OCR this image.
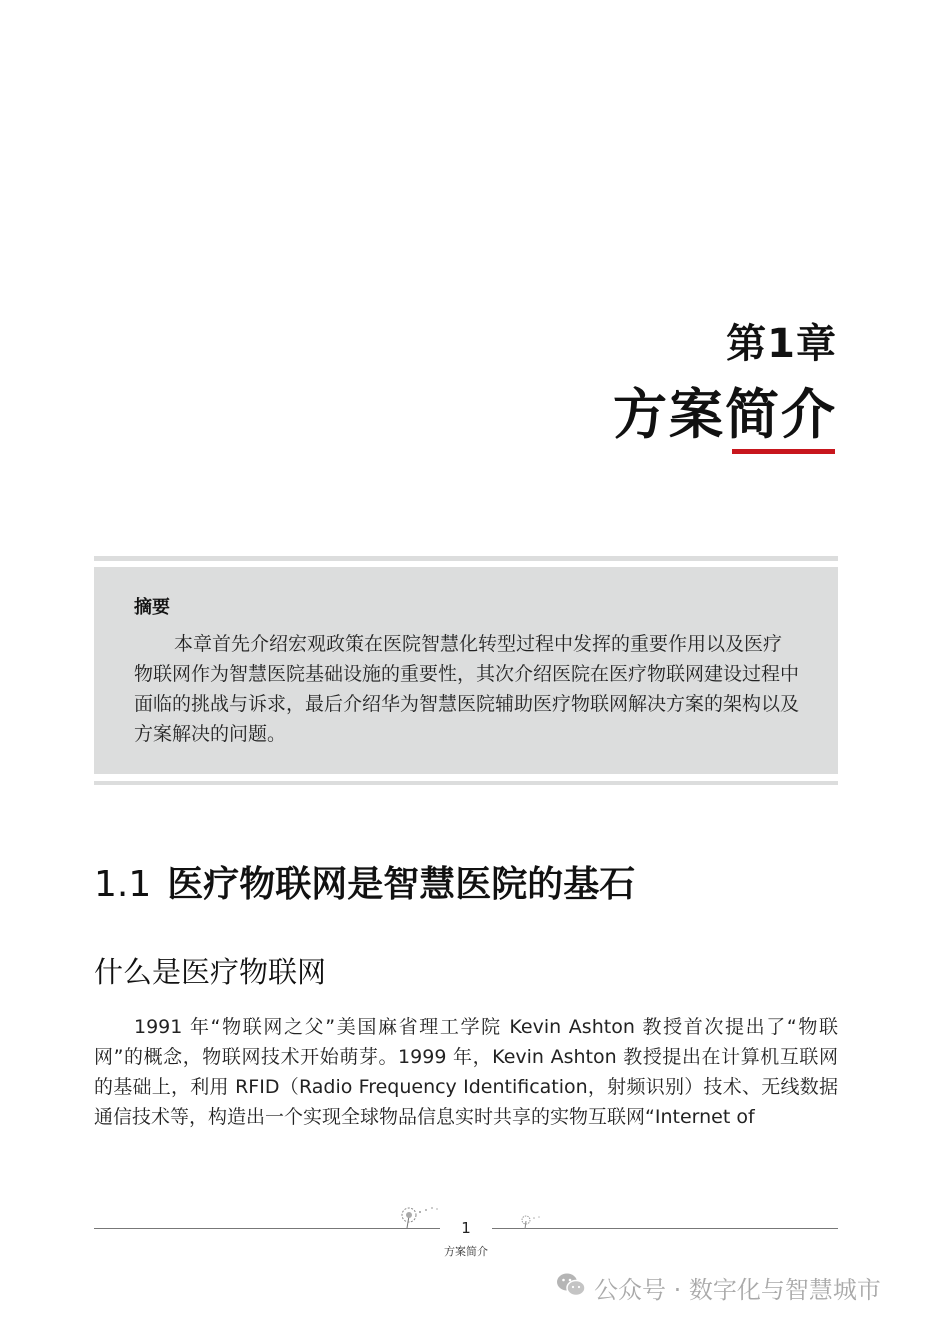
第1章
方案简介
摘要
本章首先介绍宏观政策在医院智慧化转型过程中发挥的重要作用以及医疗物联网作为智慧医院基础设施的重要性，其次介绍医院在医疗物联网建设过程中面临的挑战与诉求，最后介绍华为智慧医院辅助医疗物联网解决方案的架构以及方案解决的问题。
1.1 医疗物联网是智慧医院的基石
什么是医疗物联网
1991 年“物联网之父”美国麻省理工学院 Kevin Ashton 教授首次提出了“物联网”的概念，物联网技术开始萌芽。1999 年，Kevin Ashton 教授提出在计算机互联网的基础上，利用 RFID（Radio Frequency Identification，射频识别）技术、无线数据通信技术等，构造出一个实现全球物品信息实时共享的实物互联网“Internet of
1
方案简介
公众号 · 数字化与智慧城市
